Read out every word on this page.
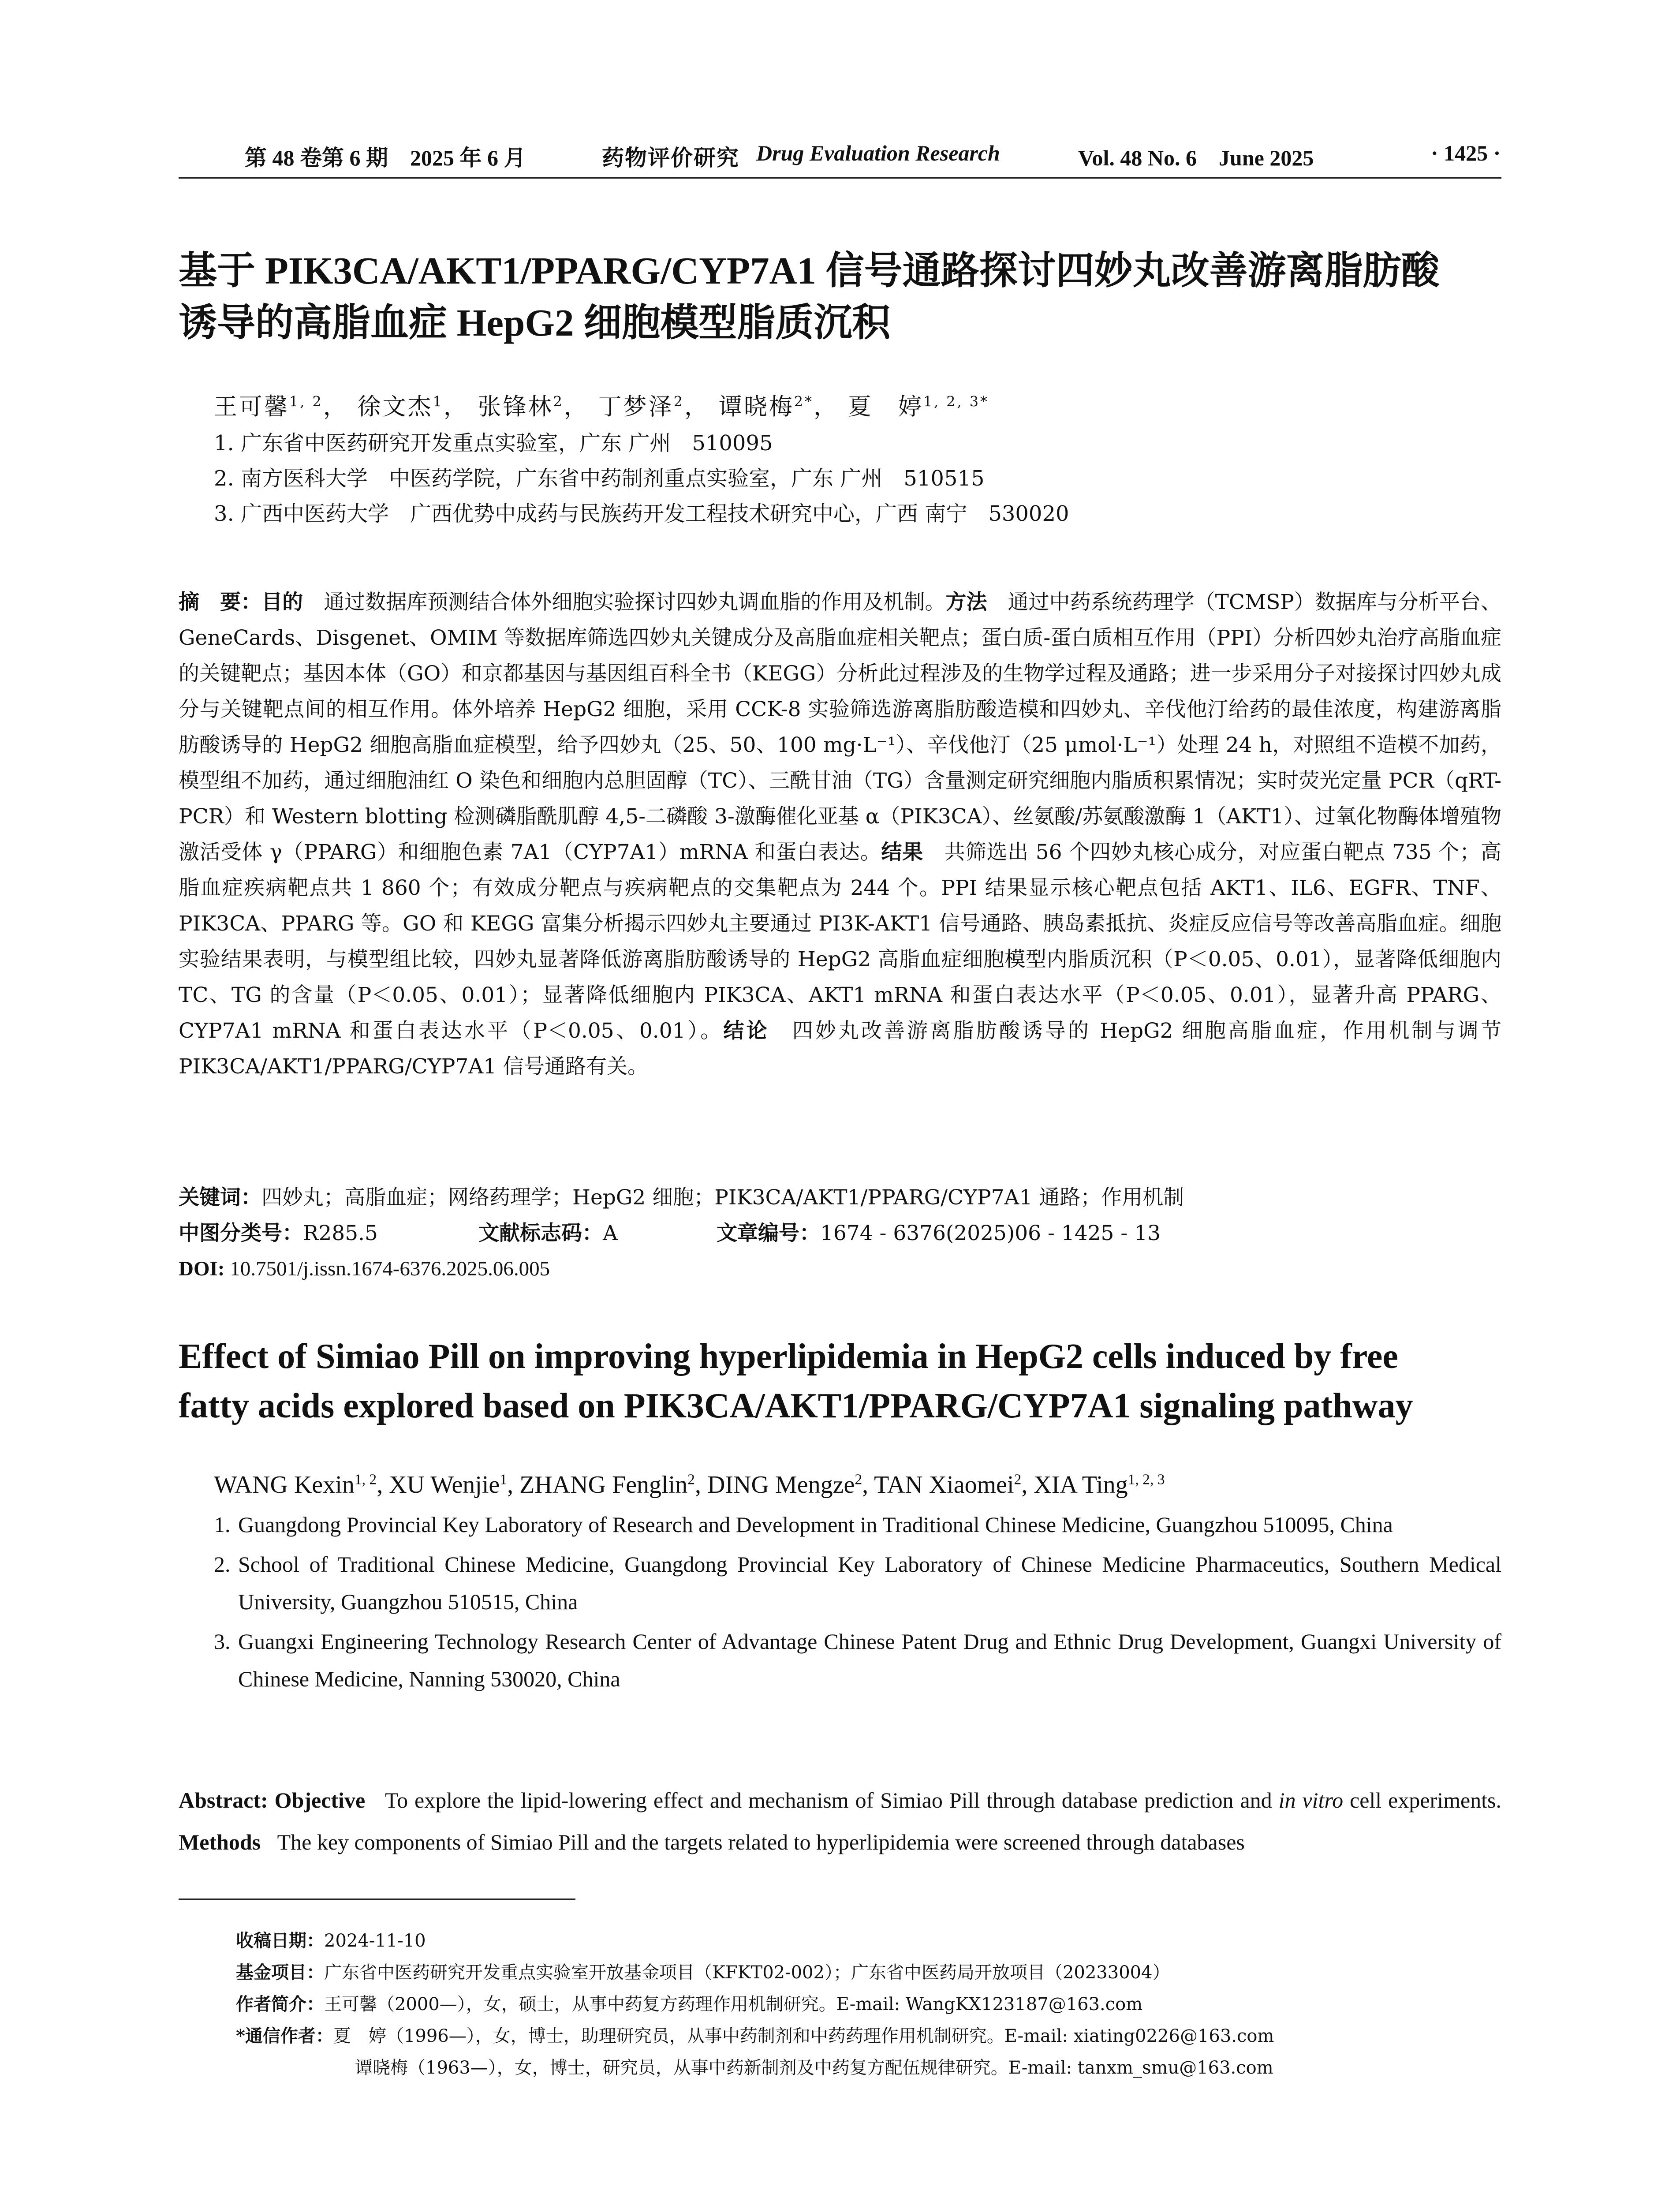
第 48 卷第 6 期　2025 年 6 月	药物评价研究 Drug Evaluation Research	Vol. 48 No. 6　June 2025	· 1425 ·
基于 PIK3CA/AKT1/PPARG/CYP7A1 信号通路探讨四妙丸改善游离脂肪酸
诱导的高脂血症 HepG2 细胞模型脂质沉积
王可馨$^{1, 2}$， 徐文杰$^1$， 张锋林$^2$， 丁梦泽$^2$， 谭晓梅$^{2*}$， 夏　婷$^{1, 2, 3*}$
1. 广东省中医药研究开发重点实验室，广东 广州　510095
2. 南方医科大学　中医药学院，广东省中药制剂重点实验室，广东 广州　510515
3. 广西中医药大学　广西优势中成药与民族药开发工程技术研究中心，广西 南宁　530020
摘　要：目的　 通过数据库预测结合体外细胞实验探讨四妙丸调血脂的作用及机制。方法　 通过中药系统药理学（TCMSP）数据库与分析平台、GeneCards、Disgenet、OMIM 等数据库筛选四妙丸关键成分及高脂血症相关靶点；蛋白质-蛋白质相互作用（PPI）分析四妙丸治疗高脂血症的关键靶点；基因本体（GO）和京都基因与基因组百科全书（KEGG）分析此过程涉及的生物学过程及通路；进一步采用分子对接探讨四妙丸成分与关键靶点间的相互作用。体外培养 HepG2 细胞，采用 CCK-8 实验筛选游离脂肪酸造模和四妙丸、辛伐他汀给药的最佳浓度，构建游离脂肪酸诱导的 HepG2 细胞高脂血症模型，给予四妙丸（25、50、100 mg·L⁻¹）、辛伐他汀（25 μmol·L⁻¹）处理 24 h，对照组不造模不加药，模型组不加药，通过细胞油红 O 染色和细胞内总胆固醇（TC）、三酰甘油（TG）含量测定研究细胞内脂质积累情况；实时荧光定量 PCR（qRT-PCR）和 Western blotting 检测磷脂酰肌醇 4,5-二磷酸 3-激酶催化亚基 α（PIK3CA）、丝氨酸/苏氨酸激酶 1（AKT1）、过氧化物酶体增殖物激活受体 γ（PPARG）和细胞色素 7A1（CYP7A1）mRNA 和蛋白表达。结果　 共筛选出 56 个四妙丸核心成分，对应蛋白靶点 735 个；高脂血症疾病靶点共 1 860 个；有效成分靶点与疾病靶点的交集靶点为 244 个。PPI 结果显示核心靶点包括 AKT1、IL6、EGFR、TNF、PIK3CA、PPARG 等。GO 和 KEGG 富集分析揭示四妙丸主要通过 PI3K-AKT1 信号通路、胰岛素抵抗、炎症反应信号等改善高脂血症。细胞实验结果表明，与模型组比较，四妙丸显著降低游离脂肪酸诱导的 HepG2 高脂血症细胞模型内脂质沉积（P＜0.05、0.01），显著降低细胞内 TC、TG 的含量（P＜0.05、0.01）；显著降低细胞内 PIK3CA、AKT1 mRNA 和蛋白表达水平（P＜0.05、0.01），显著升高 PPARG、CYP7A1 mRNA 和蛋白表达水平（P＜0.05、0.01）。结论　 四妙丸改善游离脂肪酸诱导的 HepG2 细胞高脂血症，作用机制与调节 PIK3CA/AKT1/PPARG/CYP7A1 信号通路有关。
关键词：四妙丸；高脂血症；网络药理学；HepG2 细胞；PIK3CA/AKT1/PPARG/CYP7A1 通路；作用机制
中图分类号： R285.5	文献标志码： A	文章编号： 1674 - 6376(2025)06 - 1425 - 13
DOI: 10.7501/j.issn.1674-6376.2025.06.005
Effect of Simiao Pill on improving hyperlipidemia in HepG2 cells induced by free
fatty acids explored based on PIK3CA/AKT1/PPARG/CYP7A1 signaling pathway
WANG Kexin$^{1, 2}$, XU Wenjie$^1$, ZHANG Fenglin$^2$, DING Mengze$^2$, TAN Xiaomei$^2$, XIA Ting$^{1, 2, 3}$
1. Guangdong Provincial Key Laboratory of Research and Development in Traditional Chinese Medicine, Guangzhou 510095, China
2. School of Traditional Chinese Medicine, Guangdong Provincial Key Laboratory of Chinese Medicine Pharmaceutics, Southern Medical University, Guangzhou 510515, China
3. Guangxi Engineering Technology Research Center of Advantage Chinese Patent Drug and Ethnic Drug Development, Guangxi University of Chinese Medicine, Nanning 530020, China
Abstract: Objective To explore the lipid-lowering effect and mechanism of Simiao Pill through database prediction and in vitro cell experiments. Methods The key components of Simiao Pill and the targets related to hyperlipidemia were screened through databases
收稿日期：2024-11-10
基金项目：广东省中医药研究开发重点实验室开放基金项目（KFKT02-002）；广东省中医药局开放项目（20233004）
作者简介：王可馨（2000—），女，硕士，从事中药复方药理作用机制研究。E-mail: WangKX123187@163.com
*通信作者：夏　婷（1996—），女，博士，助理研究员，从事中药制剂和中药药理作用机制研究。E-mail: xiating0226@163.com
谭晓梅（1963—），女，博士，研究员，从事中药新制剂及中药复方配伍规律研究。E-mail: tanxm_smu@163.com
